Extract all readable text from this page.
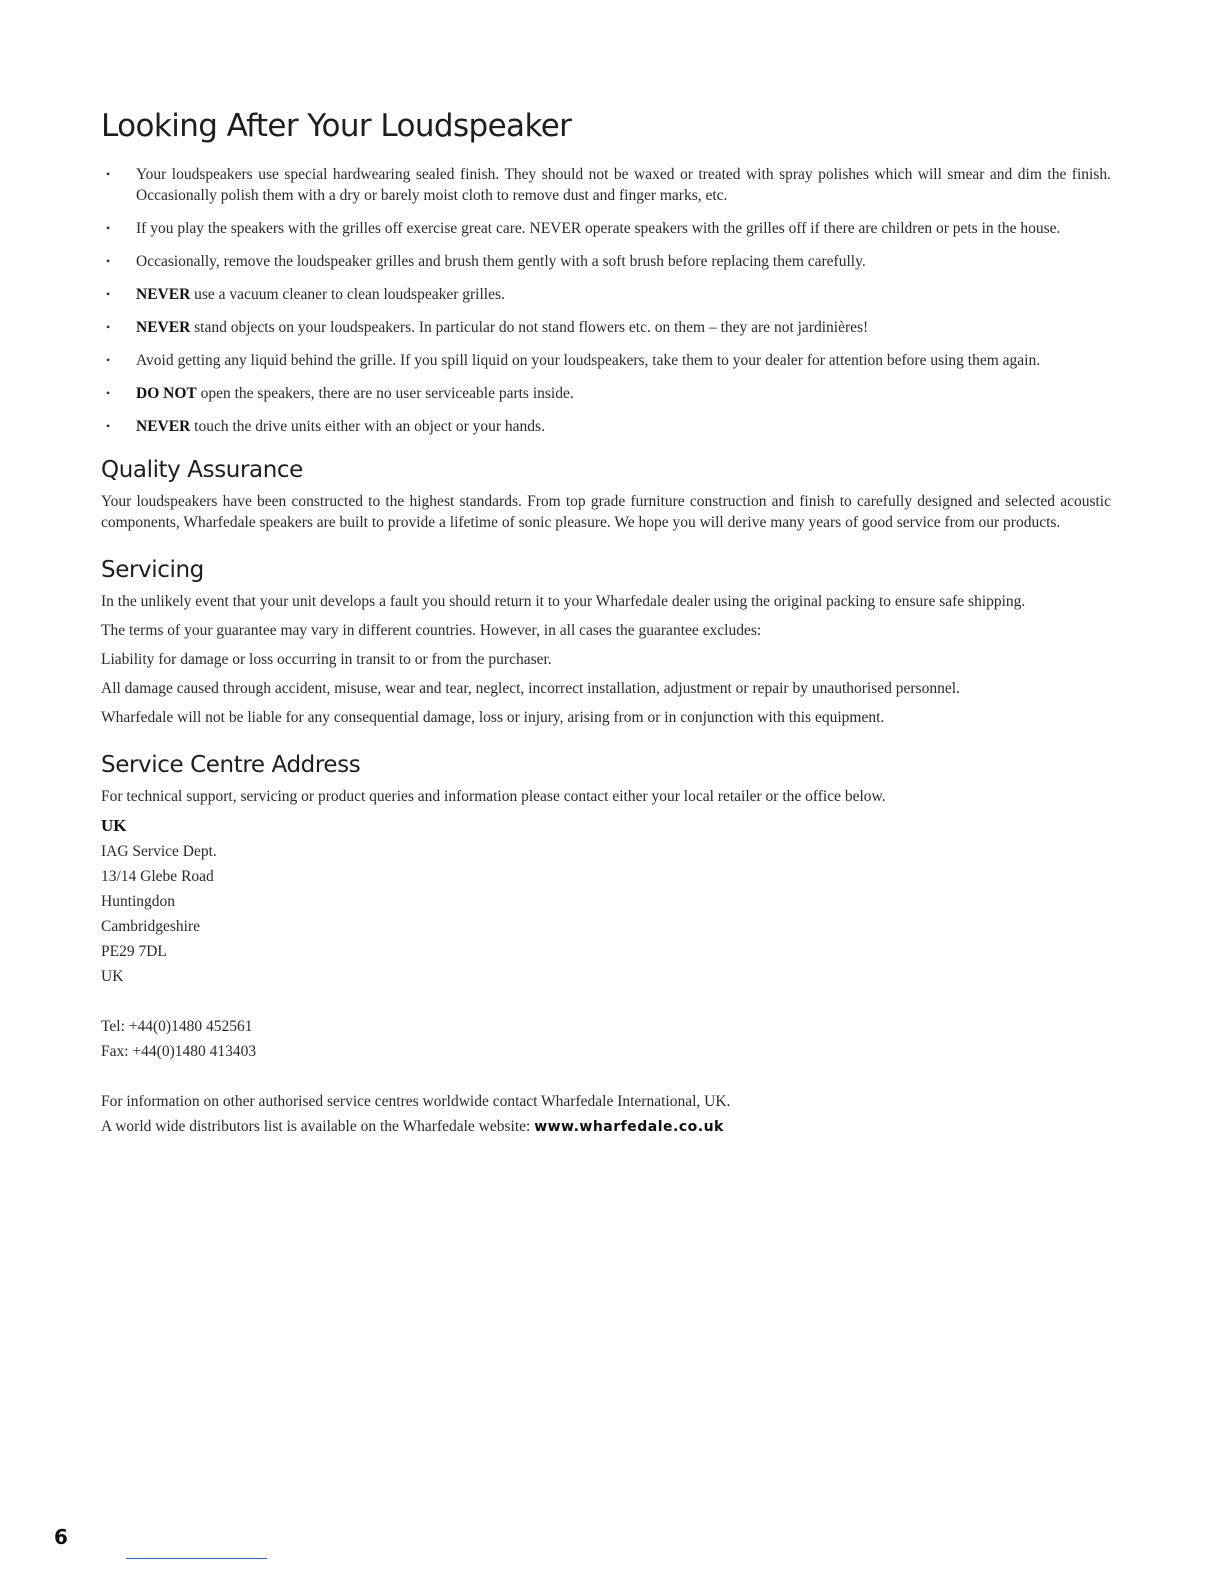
Looking After Your Loudspeaker
• Your loudspeakers use special hardwearing sealed finish. They should not be waxed or treated with spray polishes which will smear and dim the finish. Occasionally polish them with a dry or barely moist cloth to remove dust and finger marks, etc.
• If you play the speakers with the grilles off exercise great care. NEVER operate speakers with the grilles off if there are children or pets in the house.
• Occasionally, remove the loudspeaker grilles and brush them gently with a soft brush before replacing them carefully.
• NEVER use a vacuum cleaner to clean loudspeaker grilles.
• NEVER stand objects on your loudspeakers. In particular do not stand flowers etc. on them – they are not jardinières!
• Avoid getting any liquid behind the grille. If you spill liquid on your loudspeakers, take them to your dealer for attention before using them again.
• DO NOT open the speakers, there are no user serviceable parts inside.
• NEVER touch the drive units either with an object or your hands.
Quality Assurance

Your loudspeakers have been constructed to the highest standards. From top grade furniture construction and finish to carefully designed and selected acoustic components, Wharfedale speakers are built to provide a lifetime of sonic pleasure. We hope you will derive many years of good service from our products.

Servicing

In the unlikely event that your unit develops a fault you should return it to your Wharfedale dealer using the original packing to ensure safe shipping.

The terms of your guarantee may vary in different countries. However, in all cases the guarantee excludes:

Liability for damage or loss occurring in transit to or from the purchaser.

All damage caused through accident, misuse, wear and tear, neglect, incorrect installation, adjustment or repair by unauthorised personnel.

Wharfedale will not be liable for any consequential damage, loss or injury, arising from or in conjunction with this equipment.

Service Centre Address

For technical support, servicing or product queries and information please contact either your local retailer or the office below.

UK
IAG Service Dept.
13/14 Glebe Road
Huntingdon
Cambridgeshire
PE29 7DL
UK
Tel: +44(0)1480 452561
Fax: +44(0)1480 413403
For information on other authorised service centres worldwide contact Wharfedale International, UK.
A world wide distributors list is available on the Wharfedale website: www.wharfedale.co.uk
6
